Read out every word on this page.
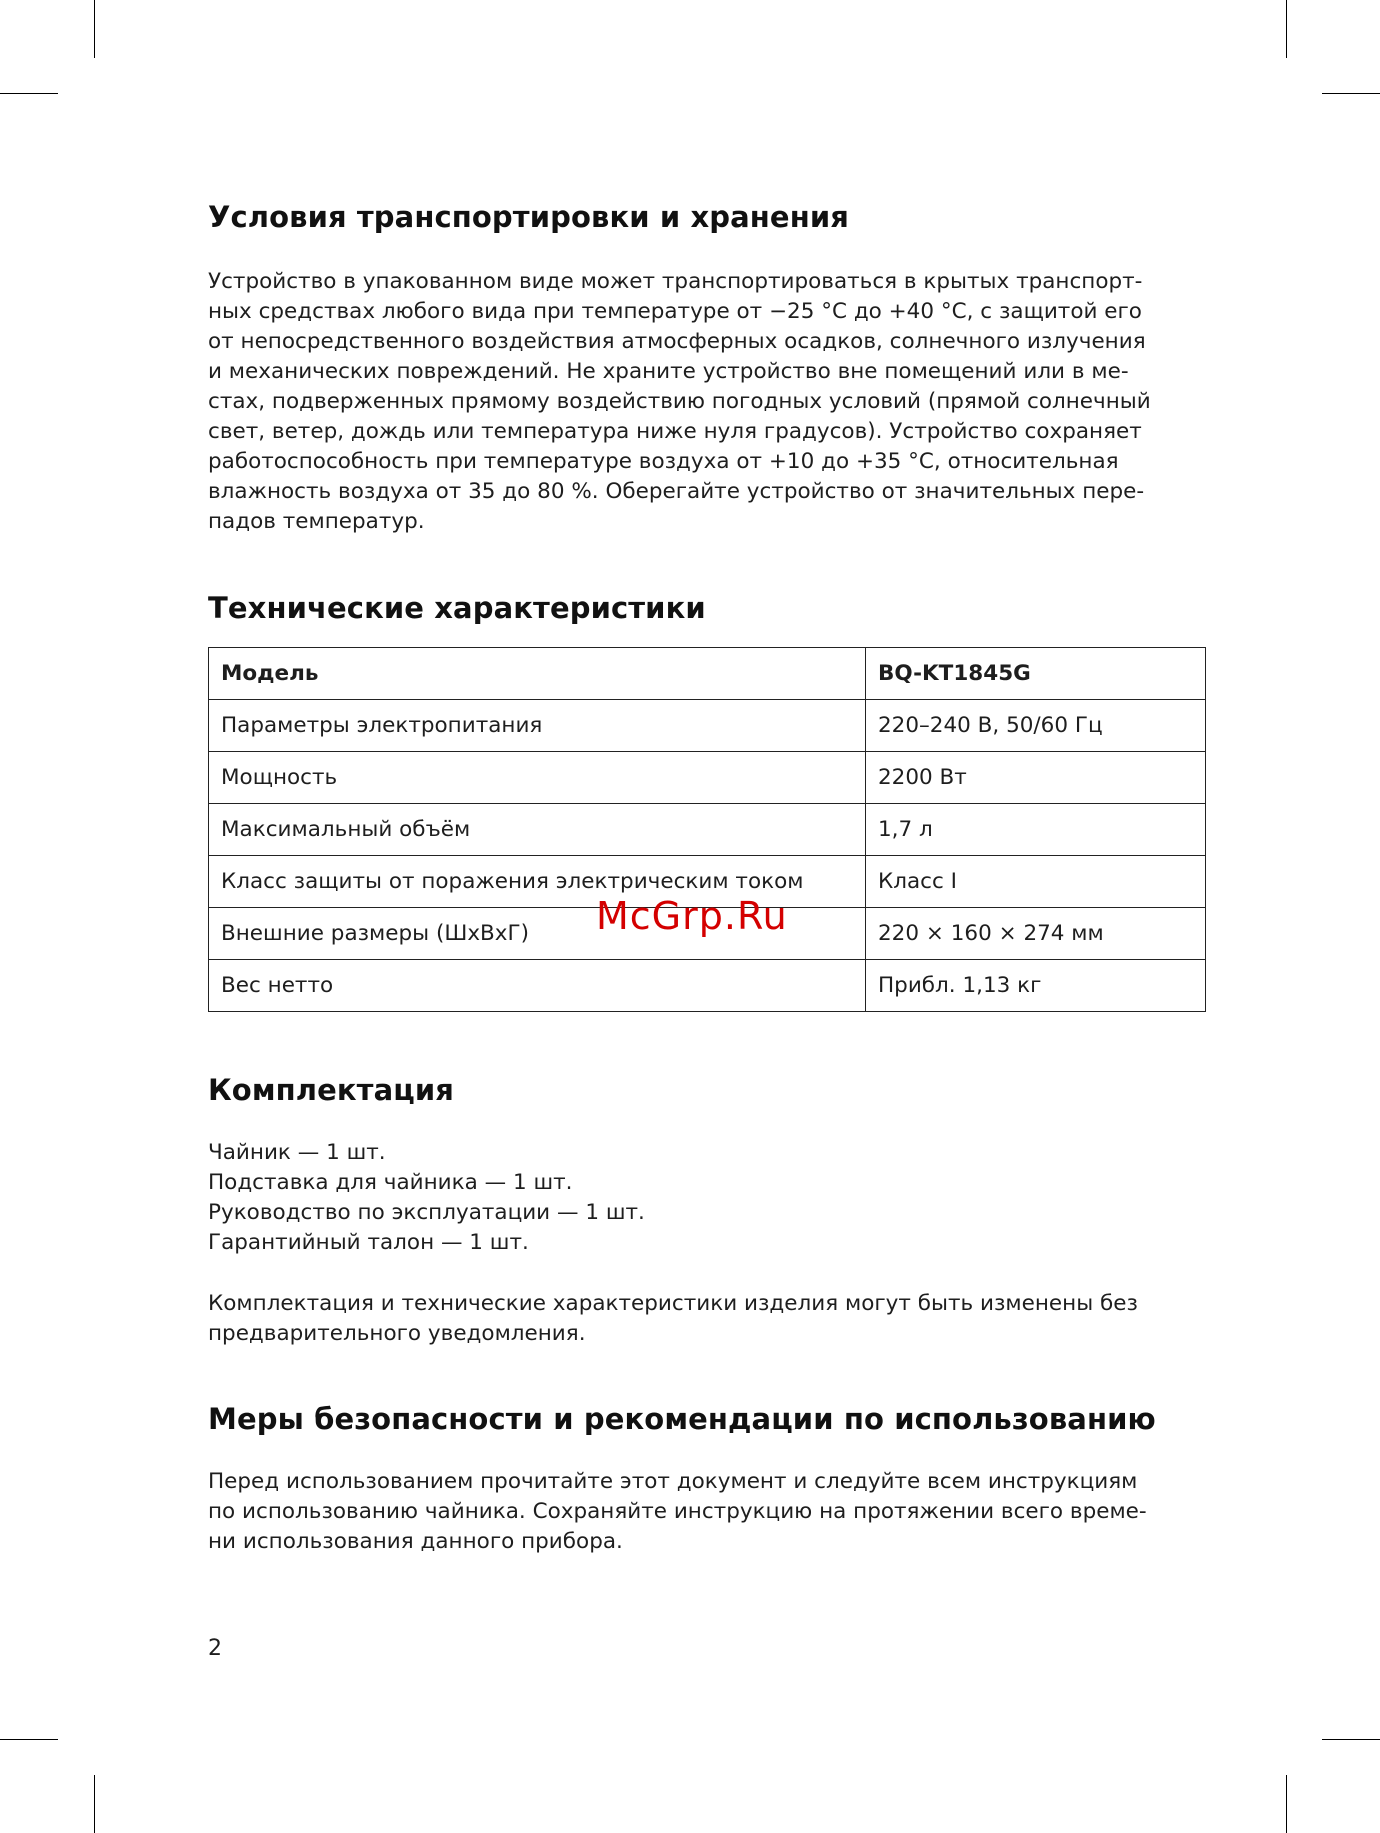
Условия транспортировки и хранения
Устройство в упакованном виде может транспортироваться в крытых транспорт-
ных средствах любого вида при температуре от −25 °С до +40 °С, с защитой его
от непосредственного воздействия атмосферных осадков, солнечного излучения
и механических повреждений. Не храните устройство вне помещений или в ме-
стах, подверженных прямому воздействию погодных условий (прямой солнечный
свет, ветер, дождь или температура ниже нуля градусов). Устройство сохраняет
работоспособность при температуре воздуха от +10 до +35 °С, относительная
влажность воздуха от 35 до 80 %. Оберегайте устройство от значительных пере-
падов температур.
Технические характеристики
Модель	BQ-KT1845G
Параметры электропитания	220–240 В, 50/60 Гц
Мощность	2200 Вт
Максимальный объём	1,7 л
Класс защиты от поражения электрическим током	Класс I
Внешние размеры (ШхВхГ)	220 × 160 × 274 мм
Вес нетто	Прибл. 1,13 кг
Комплектация
Чайник — 1 шт.
Подставка для чайника — 1 шт.
Руководство по эксплуатации — 1 шт.
Гарантийный талон — 1 шт.
Комплектация и технические характеристики изделия могут быть изменены без
предварительного уведомления.
Меры безопасности и рекомендации по использованию
Перед использованием прочитайте этот документ и следуйте всем инструкциям
по использованию чайника. Сохраняйте инструкцию на протяжении всего време-
ни использования данного прибора.
McGrp.Ru
2
